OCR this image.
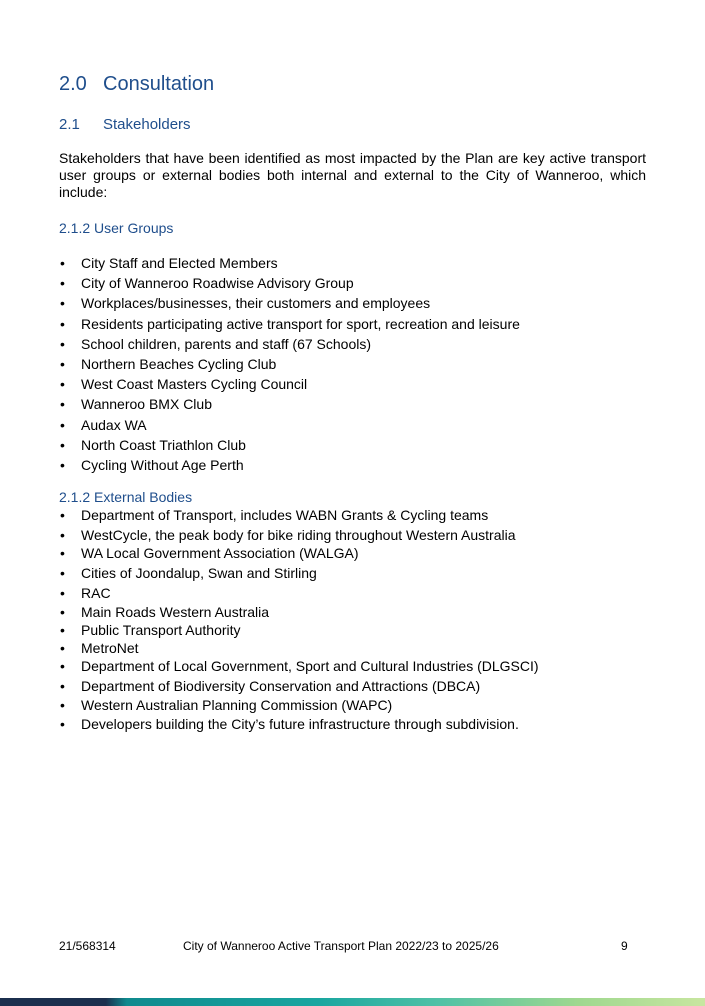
2.0 Consultation
2.1 Stakeholders

Stakeholders that have been identified as most impacted by the Plan are key active transport user groups or external bodies both internal and external to the City of Wanneroo, which include:

2.1.2 User Groups
• City Staff and Elected Members
• City of Wanneroo Roadwise Advisory Group
• Workplaces/businesses, their customers and employees
• Residents participating active transport for sport, recreation and leisure
• School children, parents and staff (67 Schools)
• Northern Beaches Cycling Club
• West Coast Masters Cycling Council
• Wanneroo BMX Club
• Audax WA
• North Coast Triathlon Club
• Cycling Without Age Perth
2.1.2 External Bodies
• Department of Transport, includes WABN Grants & Cycling teams
• WestCycle, the peak body for bike riding throughout Western Australia
• WA Local Government Association (WALGA)
• Cities of Joondalup, Swan and Stirling
• RAC
• Main Roads Western Australia
• Public Transport Authority
• MetroNet
• Department of Local Government, Sport and Cultural Industries (DLGSCI)
• Department of Biodiversity Conservation and Attractions (DBCA)
• Western Australian Planning Commission (WAPC)
• Developers building the City’s future infrastructure through subdivision.
21/568314	City of Wanneroo Active Transport Plan 2022/23 to 2025/26	9
